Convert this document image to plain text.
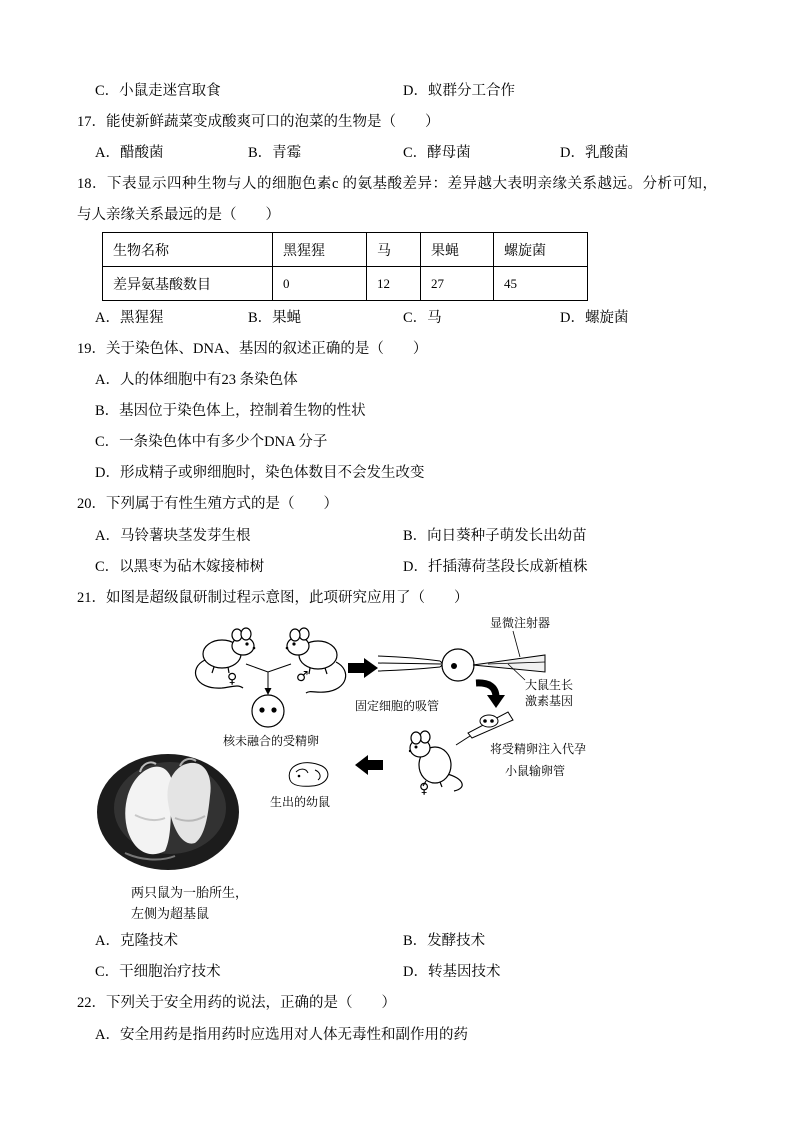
C．小鼠走迷宫取食	D．蚁群分工合作
17．能使新鲜蔬菜变成酸爽可口的泡菜的生物是（　　）
A．醋酸菌	B．青霉	C．酵母菌	D．乳酸菌
18．下表显示四种生物与人的细胞色素c 的氨基酸差异：差异越大表明亲缘关系越远。分析可知，
与人亲缘关系最远的是（　　）
生物名称	黑猩猩	马	果蝇	螺旋菌
差异氨基酸数目	0	12	27	45
A．黑猩猩	B．果蝇	C．马	D．螺旋菌
19．关于染色体、DNA、基因的叙述正确的是（　　）
A．人的体细胞中有23 条染色体
B．基因位于染色体上，控制着生物的性状
C．一条染色体中有多少个DNA 分子
D．形成精子或卵细胞时，染色体数目不会发生改变
20．下列属于有性生殖方式的是（　　）
A．马铃薯块茎发芽生根	B．向日葵种子萌发长出幼苗
C．以黑枣为砧木嫁接柿树	D．扦插薄荷茎段长成新植株
21．如图是超级鼠研制过程示意图，此项研究应用了（　　）
♀	♂
核未融合的受精卵
固定细胞的吸管
显微注射器
大鼠生长
激素基因
将受精卵注入代孕
小鼠输卵管
♀
生出的幼鼠
两只鼠为一胎所生，
左侧为超基鼠
A．克隆技术	B．发酵技术
C．干细胞治疗技术	D．转基因技术
22．下列关于安全用药的说法，正确的是（　　）
A．安全用药是指用药时应选用对人体无毒性和副作用的药
